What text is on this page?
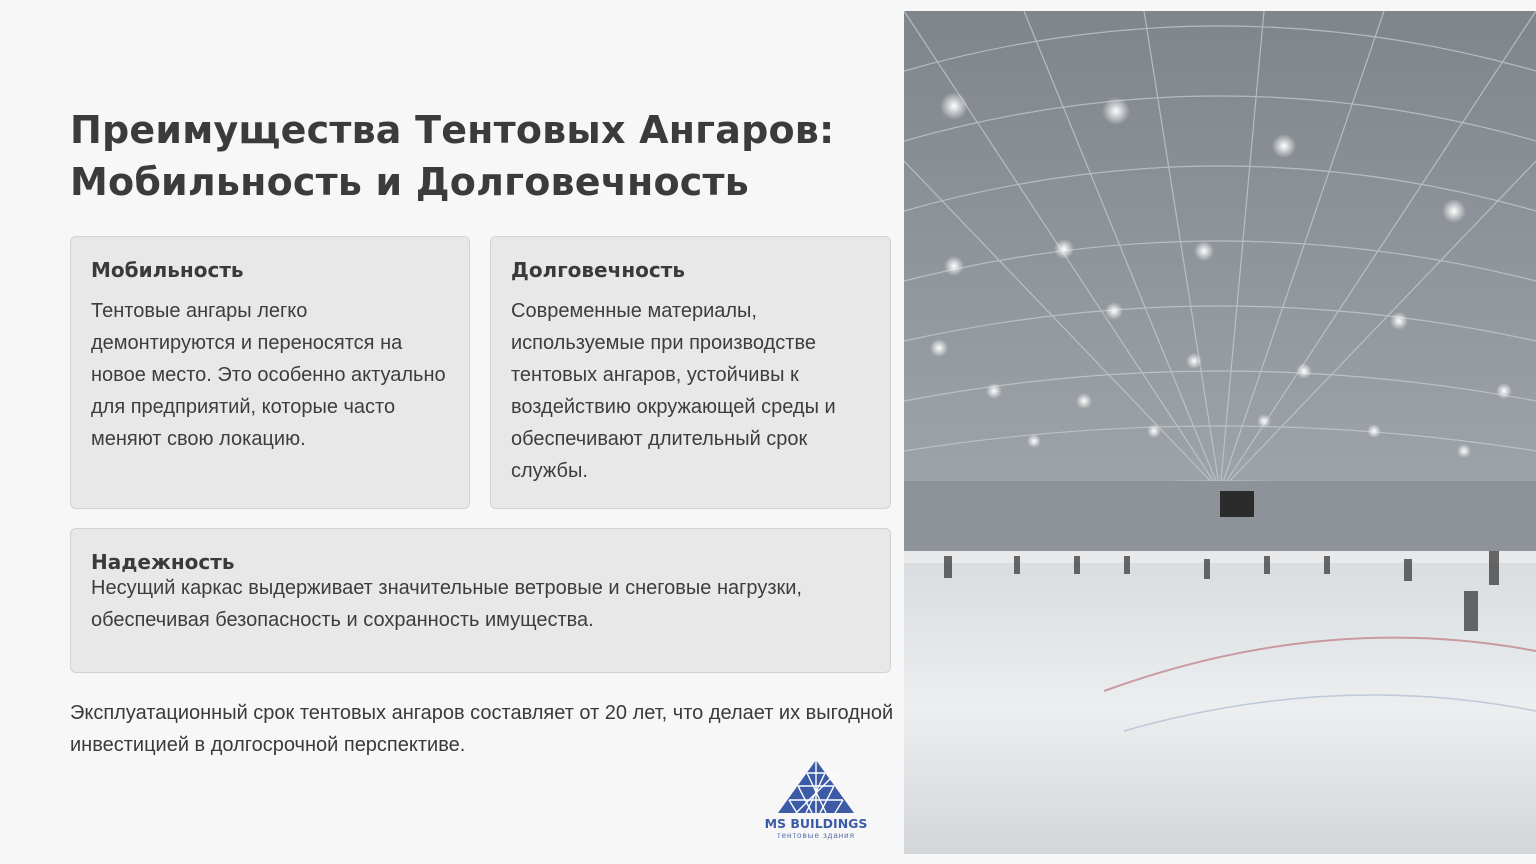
Преимущества Тентовых Ангаров:
Мобильность и Долговечность
Мобильность

Тентовые ангары легко демонтируются и переносятся на новое место. Это особенно актуально для предприятий, которые часто меняют свою локацию.

Долговечность

Современные материалы, используемые при производстве тентовых ангаров, устойчивы к воздействию окружающей среды и обеспечивают длительный срок службы.

Надежность

Несущий каркас выдерживает значительные ветровые и снеговые нагрузки, обеспечивая безопасность и сохранность имущества.

Эксплуатационный срок тентовых ангаров составляет от 20 лет, что делает их выгодной инвестицией в долгосрочной перспективе.
MS BUILDINGS
тентовые здания
